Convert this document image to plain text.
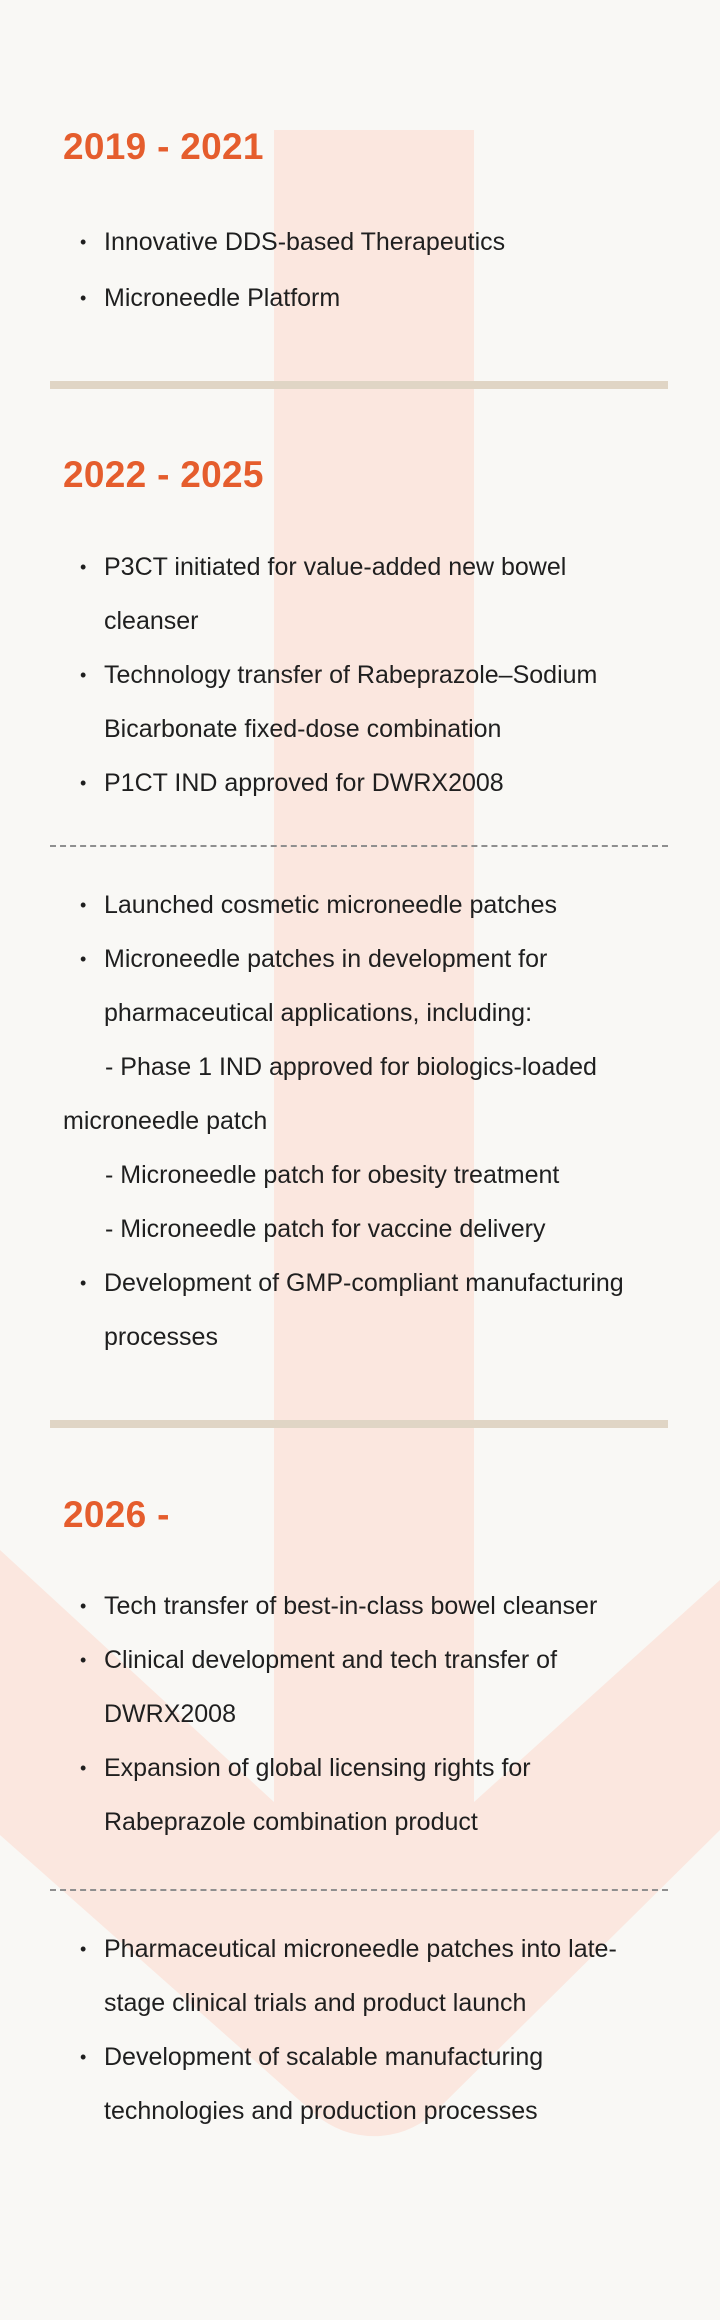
2019 - 2021
• Innovative DDS-based Therapeutics
• Microneedle Platform
2022 - 2025
• P3CT initiated for value-added new bowel cleanser
• Technology transfer of Rabeprazole–Sodium Bicarbonate fixed-dose combination
• P1CT IND approved for DWRX2008
• Launched cosmetic microneedle patches
• Microneedle patches in development for pharmaceutical applications, including:
- Phase 1 IND approved for biologics-loaded microneedle patch
- Microneedle patch for obesity treatment
- Microneedle patch for vaccine delivery
• Development of GMP-compliant manufacturing processes
2026 -
• Tech transfer of best-in-class bowel cleanser
• Clinical development and tech transfer of DWRX2008
• Expansion of global licensing rights for Rabeprazole combination product
• Pharmaceutical microneedle patches into late-stage clinical trials and product launch
• Development of scalable manufacturing technologies and production processes
